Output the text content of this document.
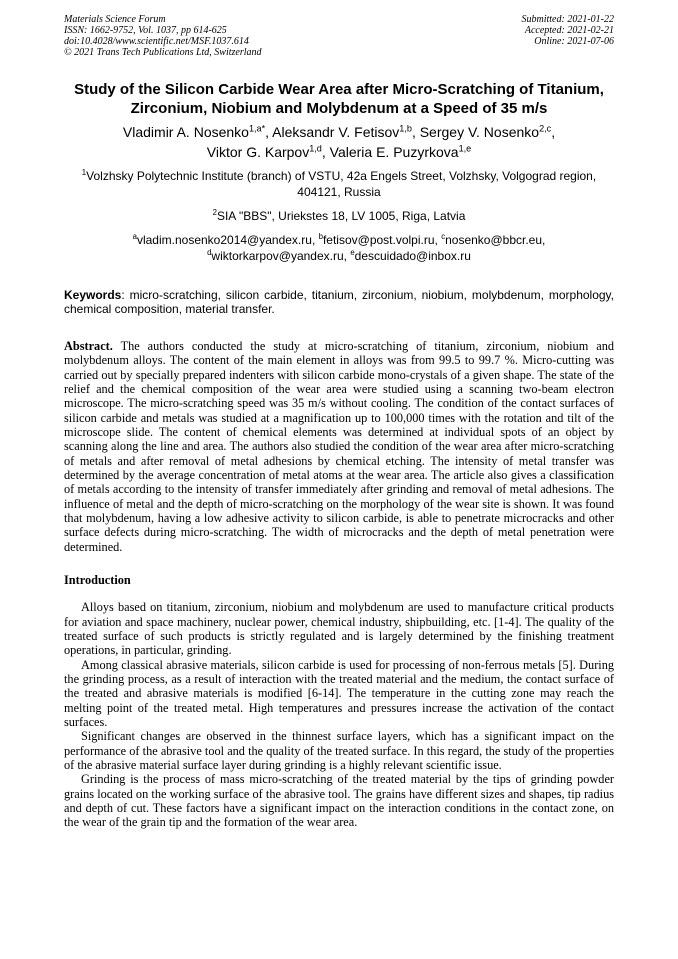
Materials Science Forum
ISSN: 1662-9752, Vol. 1037, pp 614-625
doi:10.4028/www.scientific.net/MSF.1037.614
© 2021 Trans Tech Publications Ltd, Switzerland
Submitted: 2021-01-22
Accepted: 2021-02-21
Online: 2021-07-06
Study of the Silicon Carbide Wear Area after Micro-Scratching of Titanium, Zirconium, Niobium and Molybdenum at a Speed of 35 m/s
Vladimir A. Nosenko$^{1,a*}$, Aleksandr V. Fetisov$^{1,b}$, Sergey V. Nosenko$^{2,c}$,
Viktor G. Karpov$^{1,d}$, Valeria E. Puzyrkova$^{1,e}$
$^1$Volzhsky Polytechnic Institute (branch) of VSTU, 42a Engels Street, Volzhsky, Volgograd region, 404121, Russia
$^2$SIA "BBS", Uriekstes 18, LV 1005, Riga, Latvia
$^a$vladim.nosenko2014@yandex.ru, $^b$fetisov@post.volpi.ru, $^c$nosenko@bbcr.eu,
$^d$wiktorkarpov@yandex.ru, $^e$descuidado@inbox.ru
Keywords: micro-scratching, silicon carbide, titanium, zirconium, niobium, molybdenum, morphology, chemical composition, material transfer.
Abstract. The authors conducted the study at micro-scratching of titanium, zirconium, niobium and molybdenum alloys. The content of the main element in alloys was from 99.5 to 99.7 %. Micro-cutting was carried out by specially prepared indenters with silicon carbide mono-crystals of a given shape. The state of the relief and the chemical composition of the wear area were studied using a scanning two-beam electron microscope. The micro-scratching speed was 35 m/s without cooling. The condition of the contact surfaces of silicon carbide and metals was studied at a magnification up to 100,000 times with the rotation and tilt of the microscope slide. The content of chemical elements was determined at individual spots of an object by scanning along the line and area. The authors also studied the condition of the wear area after micro-scratching of metals and after removal of metal adhesions by chemical etching. The intensity of metal transfer was determined by the average concentration of metal atoms at the wear area. The article also gives a classification of metals according to the intensity of transfer immediately after grinding and removal of metal adhesions. The influence of metal and the depth of micro-scratching on the morphology of the wear site is shown. It was found that molybdenum, having a low adhesive activity to silicon carbide, is able to penetrate microcracks and other surface defects during micro-scratching. The width of microcracks and the depth of metal penetration were determined.
Introduction
Alloys based on titanium, zirconium, niobium and molybdenum are used to manufacture critical products for aviation and space machinery, nuclear power, chemical industry, shipbuilding, etc. [1-4]. The quality of the treated surface of such products is strictly regulated and is largely determined by the finishing treatment operations, in particular, grinding.
Among classical abrasive materials, silicon carbide is used for processing of non-ferrous metals [5]. During the grinding process, as a result of interaction with the treated material and the medium, the contact surface of the treated and abrasive materials is modified [6-14]. The temperature in the cutting zone may reach the melting point of the treated metal. High temperatures and pressures increase the activation of the contact surfaces.
Significant changes are observed in the thinnest surface layers, which has a significant impact on the performance of the abrasive tool and the quality of the treated surface. In this regard, the study of the properties of the abrasive material surface layer during grinding is a highly relevant scientific issue.
Grinding is the process of mass micro-scratching of the treated material by the tips of grinding powder grains located on the working surface of the abrasive tool. The grains have different sizes and shapes, tip radius and depth of cut. These factors have a significant impact on the interaction conditions in the contact zone, on the wear of the grain tip and the formation of the wear area.
